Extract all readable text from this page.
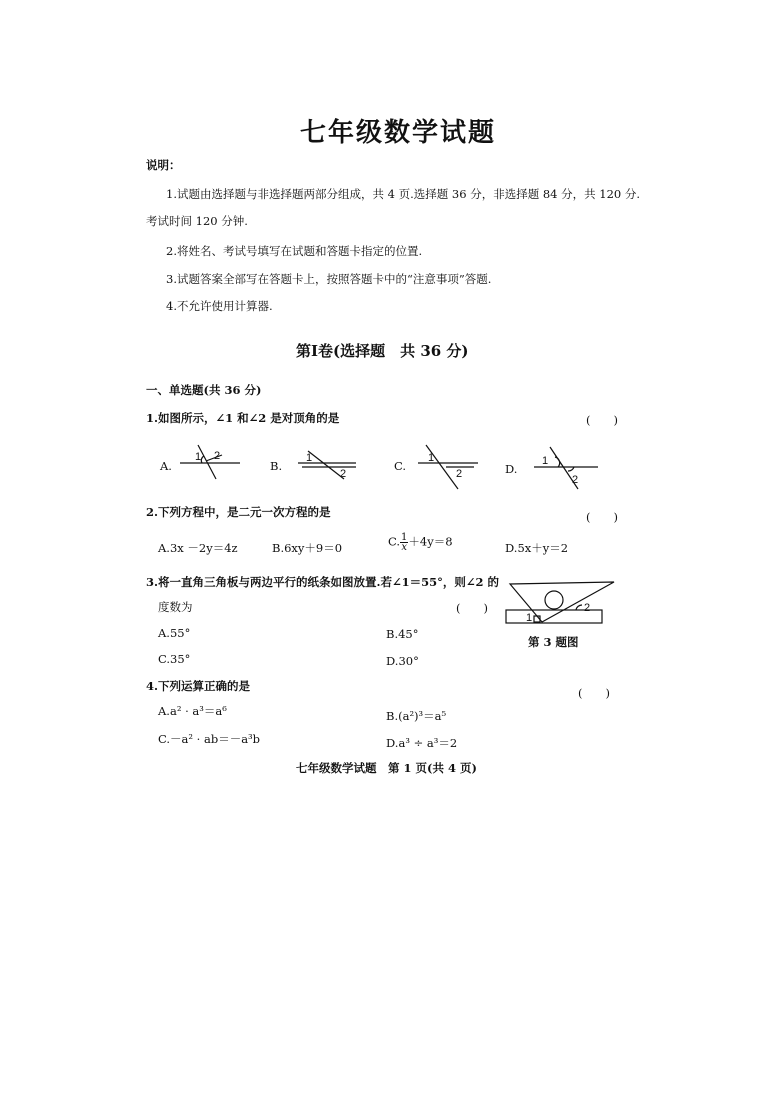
七年级数学试题
说明：
1.试题由选择题与非选择题两部分组成，共 4 页.选择题 36 分，非选择题 84 分，共 120 分.
考试时间 120 分钟.
2.将姓名、考试号填写在试题和答题卡指定的位置.
3.试题答案全部写在答题卡上，按照答题卡中的“注意事项”答题.
4.不允许使用计算器.
第Ⅰ卷(选择题　共 36 分)
一、单选题(共 36 分)
1.如图所示，∠1 和∠2 是对顶角的是	(　　)
A.
1 2
B.
1
2
C.
1
2	D.
1
2
2.下列方程中，是二元一次方程的是	(　　)
A.3x －2y＝4z	B.6xy＋9＝0	C. $\frac{1}{x} +4y=8$	D.5x＋y＝2
3.将一直角三角板与两边平行的纸条如图放置.若∠1＝55°，则∠2 的
度数为	(　　)
A.55°	B.45°
C.35°	D.30°
1
2
第 3 题图
4.下列运算正确的是	(　　)
A.a² · a³＝a⁶	B.(a²)³＝a⁵
C.－a² · ab＝－a³b	D.a³ ÷ a³＝2
七年级数学试题　第 1 页(共 4 页)
